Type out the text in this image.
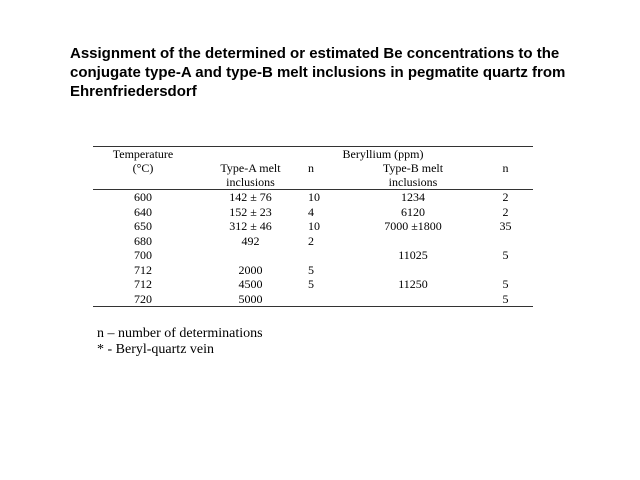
Assignment of the determined or estimated Be concentrations to the conjugate type-A and type-B melt inclusions in pegmatite quartz from Ehrenfriedersdorf
Temperature	Beryllium (ppm)			
(°C)	Type-A melt	n	Type-B melt	n
	inclusions		inclusions	
600	142 ± 76	10	1234	2
640	152 ± 23	4	6120	2
650	312 ± 46	10	7000 ±1800	35
680	492	2		
700			11025	5
712	2000	5		
712	4500	5	11250	5
720	5000			5
n – number of determinations
* - Beryl-quartz vein
